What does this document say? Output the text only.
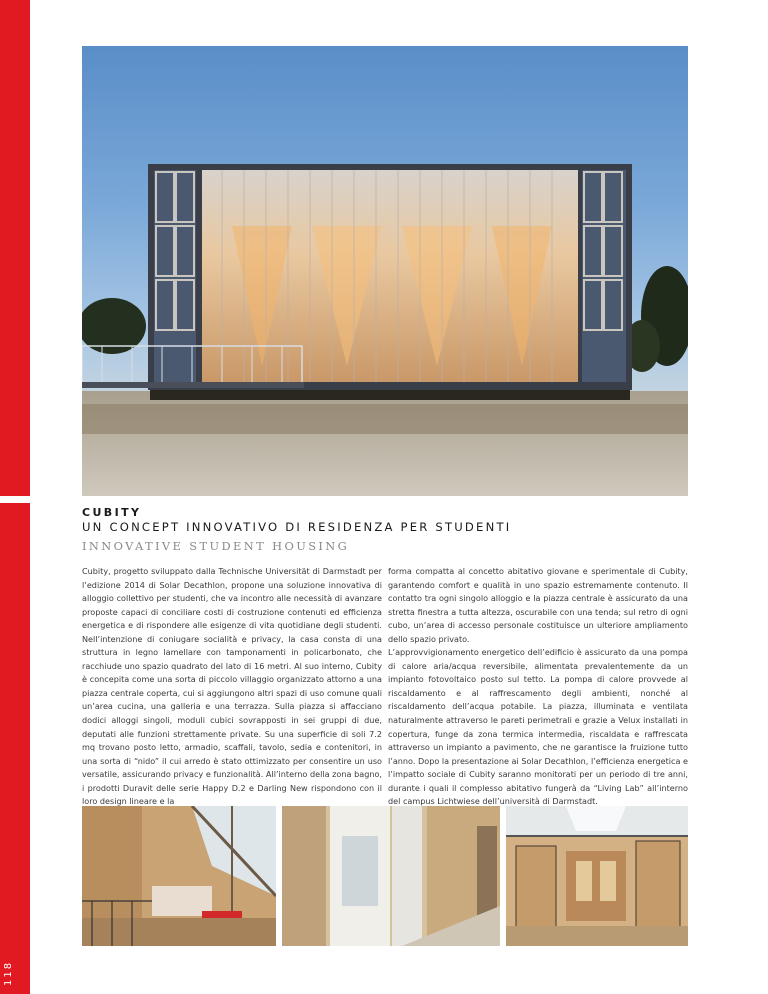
118
CUBITY
UN CONCEPT INNOVATIVO DI RESIDENZA PER STUDENTI
INNOVATIVE STUDENT HOUSING

Cubity, progetto sviluppato dalla Technische Universität di Darmstadt per l’edizione 2014 di Solar Decathlon, propone una soluzione innovativa di alloggio collettivo per studenti, che va incontro alle necessità di avanzare proposte capaci di conciliare costi di costruzione contenuti ed efficienza energetica e di rispondere alle esigenze di vita quotidiane degli studenti. Nell’intenzione di coniugare socialità e privacy, la casa consta di una struttura in legno lamellare con tamponamenti in policarbonato, che racchiude uno spazio quadrato del lato di 16 metri. Al suo interno, Cubity è concepita come una sorta di piccolo villaggio organizzato attorno a una piazza centrale coperta, cui si aggiungono altri spazi di uso comune quali un’area cucina, una galleria e una terrazza. Sulla piazza si affacciano dodici alloggi singoli, moduli cubici sovrapposti in sei gruppi di due, deputati alle funzioni strettamente private. Su una superficie di soli 7.2 mq trovano posto letto, armadio, scaffali, tavolo, sedia e contenitori, in una sorta di “nido” il cui arredo è stato ottimizzato per consentire un uso versatile, assicurando privacy e funzionalità. All’interno della zona bagno, i prodotti Duravit delle serie Happy D.2 e Darling New rispondono con il loro design lineare e la

forma compatta al concetto abitativo giovane e sperimentale di Cubity, garantendo comfort e qualità in uno spazio estremamente contenuto. Il contatto tra ogni singolo alloggio e la piazza centrale è assicurato da una stretta finestra a tutta altezza, oscurabile con una tenda; sul retro di ogni cubo, un’area di accesso personale costituisce un ulteriore ampliamento dello spazio privato.

L’approvvigionamento energetico dell’edificio è assicurato da una pompa di calore aria/acqua reversibile, alimentata prevalentemente da un impianto fotovoltaico posto sul tetto. La pompa di calore provvede al riscaldamento e al raffrescamento degli ambienti, nonché al riscaldamento dell’acqua potabile. La piazza, illuminata e ventilata naturalmente attraverso le pareti perimetrali e grazie a Velux installati in copertura, funge da zona termica intermedia, riscaldata e raffrescata attraverso un impianto a pavimento, che ne garantisce la fruizione tutto l’anno. Dopo la presentazione ai Solar Decathlon, l’efficienza energetica e l’impatto sociale di Cubity saranno monitorati per un periodo di tre anni, durante i quali il complesso abitativo fungerà da “Living Lab” all’interno del campus Lichtwiese dell’università di Darmstadt.
